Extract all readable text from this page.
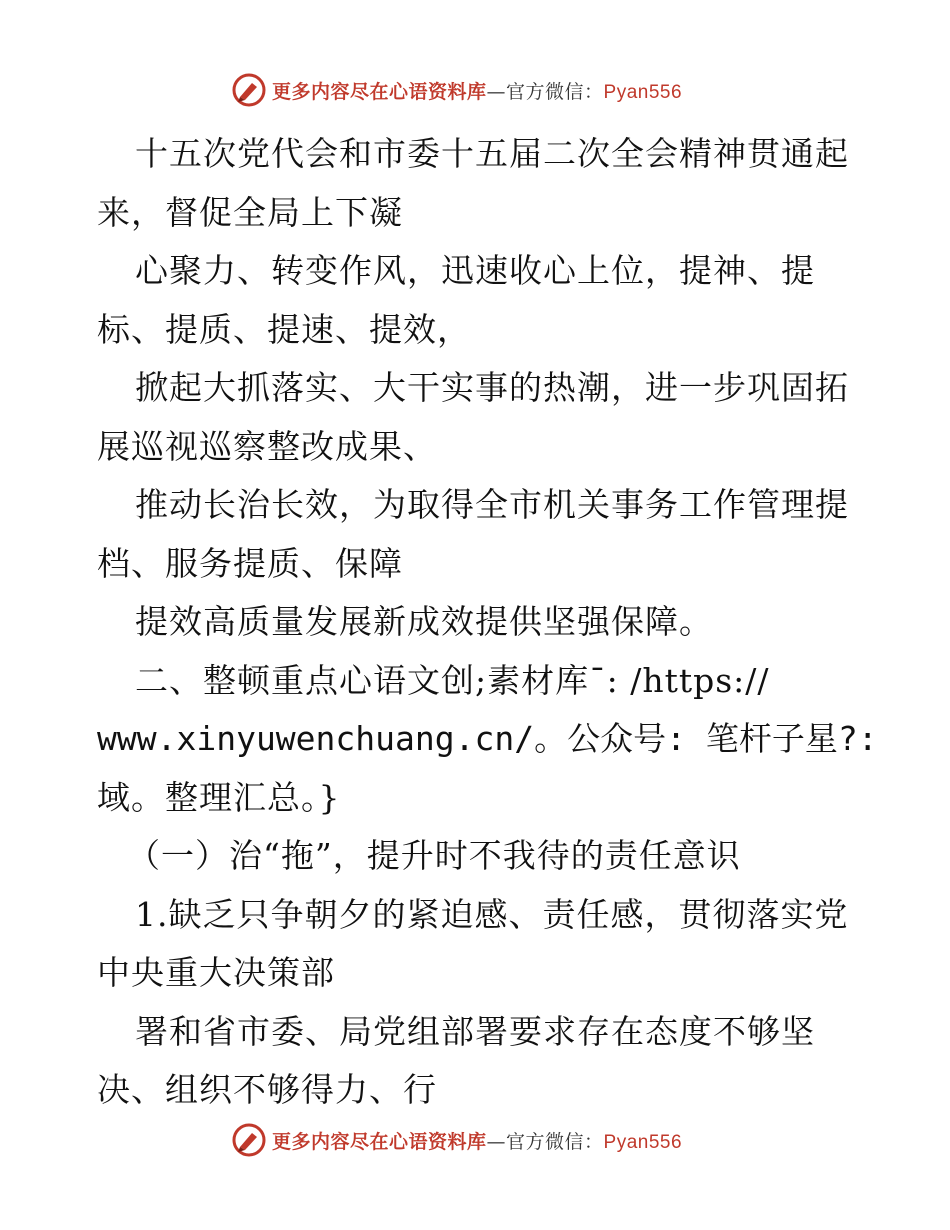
更多内容尽在心语资料库—官方微信：Pyan556
十五次党代会和市委十五届二次全会精神贯通起
来，督促全局上下凝
心聚力、转变作风，迅速收心上位，提神、提
标、提质、提速、提效，
掀起大抓落实、大干实事的热潮，进一步巩固拓
展巡视巡察整改成果、
推动长治长效，为取得全市机关事务工作管理提
档、服务提质、保障
提效高质量发展新成效提供坚强保障。
二、整顿重点心语文创;素材库¯: /https://
www.xinyuwenchuang.cn/。公众号: 笔杆子星?:
域。整理汇总。}
（一）治“拖”，提升时不我待的责任意识
1.缺乏只争朝夕的紧迫感、责任感，贯彻落实党
中央重大决策部
署和省市委、局党组部署要求存在态度不够坚
决、组织不够得力、行
更多内容尽在心语资料库—官方微信：Pyan556
